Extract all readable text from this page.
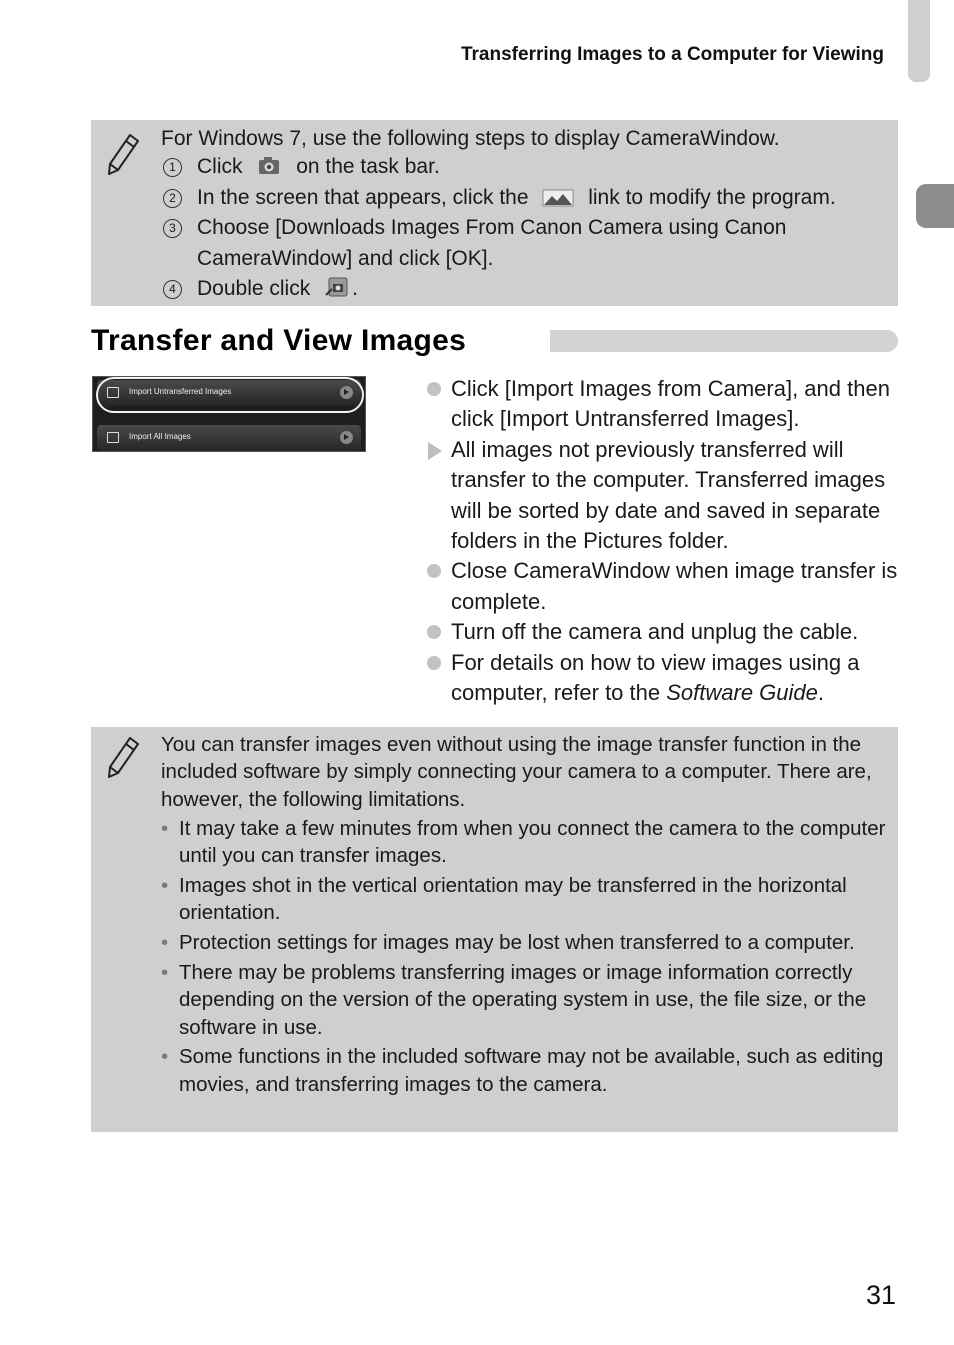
Transferring Images to a Computer for Viewing
For Windows 7, use the following steps to display CameraWindow.
1 Click	on the task bar.
2 In the screen that appears, click the	link to modify the program.
3 Choose [Downloads Images From Canon Camera using Canon CameraWindow] and click [OK].
4 Double click .
Transfer and View Images
Import Untransferred Images
Import All Images
Click [Import Images from Camera], and then click [Import Untransferred Images].
All images not previously transferred will transfer to the computer. Transferred images will be sorted by date and saved in separate folders in the Pictures folder.
Close CameraWindow when image transfer is complete.
Turn off the camera and unplug the cable.
For details on how to view images using a computer, refer to the Software Guide.
You can transfer images even without using the image transfer function in the included software by simply connecting your camera to a computer. There are, however, the following limitations.
• It may take a few minutes from when you connect the camera to the computer until you can transfer images.
• Images shot in the vertical orientation may be transferred in the horizontal orientation.
• Protection settings for images may be lost when transferred to a computer.
• There may be problems transferring images or image information correctly depending on the version of the operating system in use, the file size, or the software in use.
• Some functions in the included software may not be available, such as editing movies, and transferring images to the camera.
31
